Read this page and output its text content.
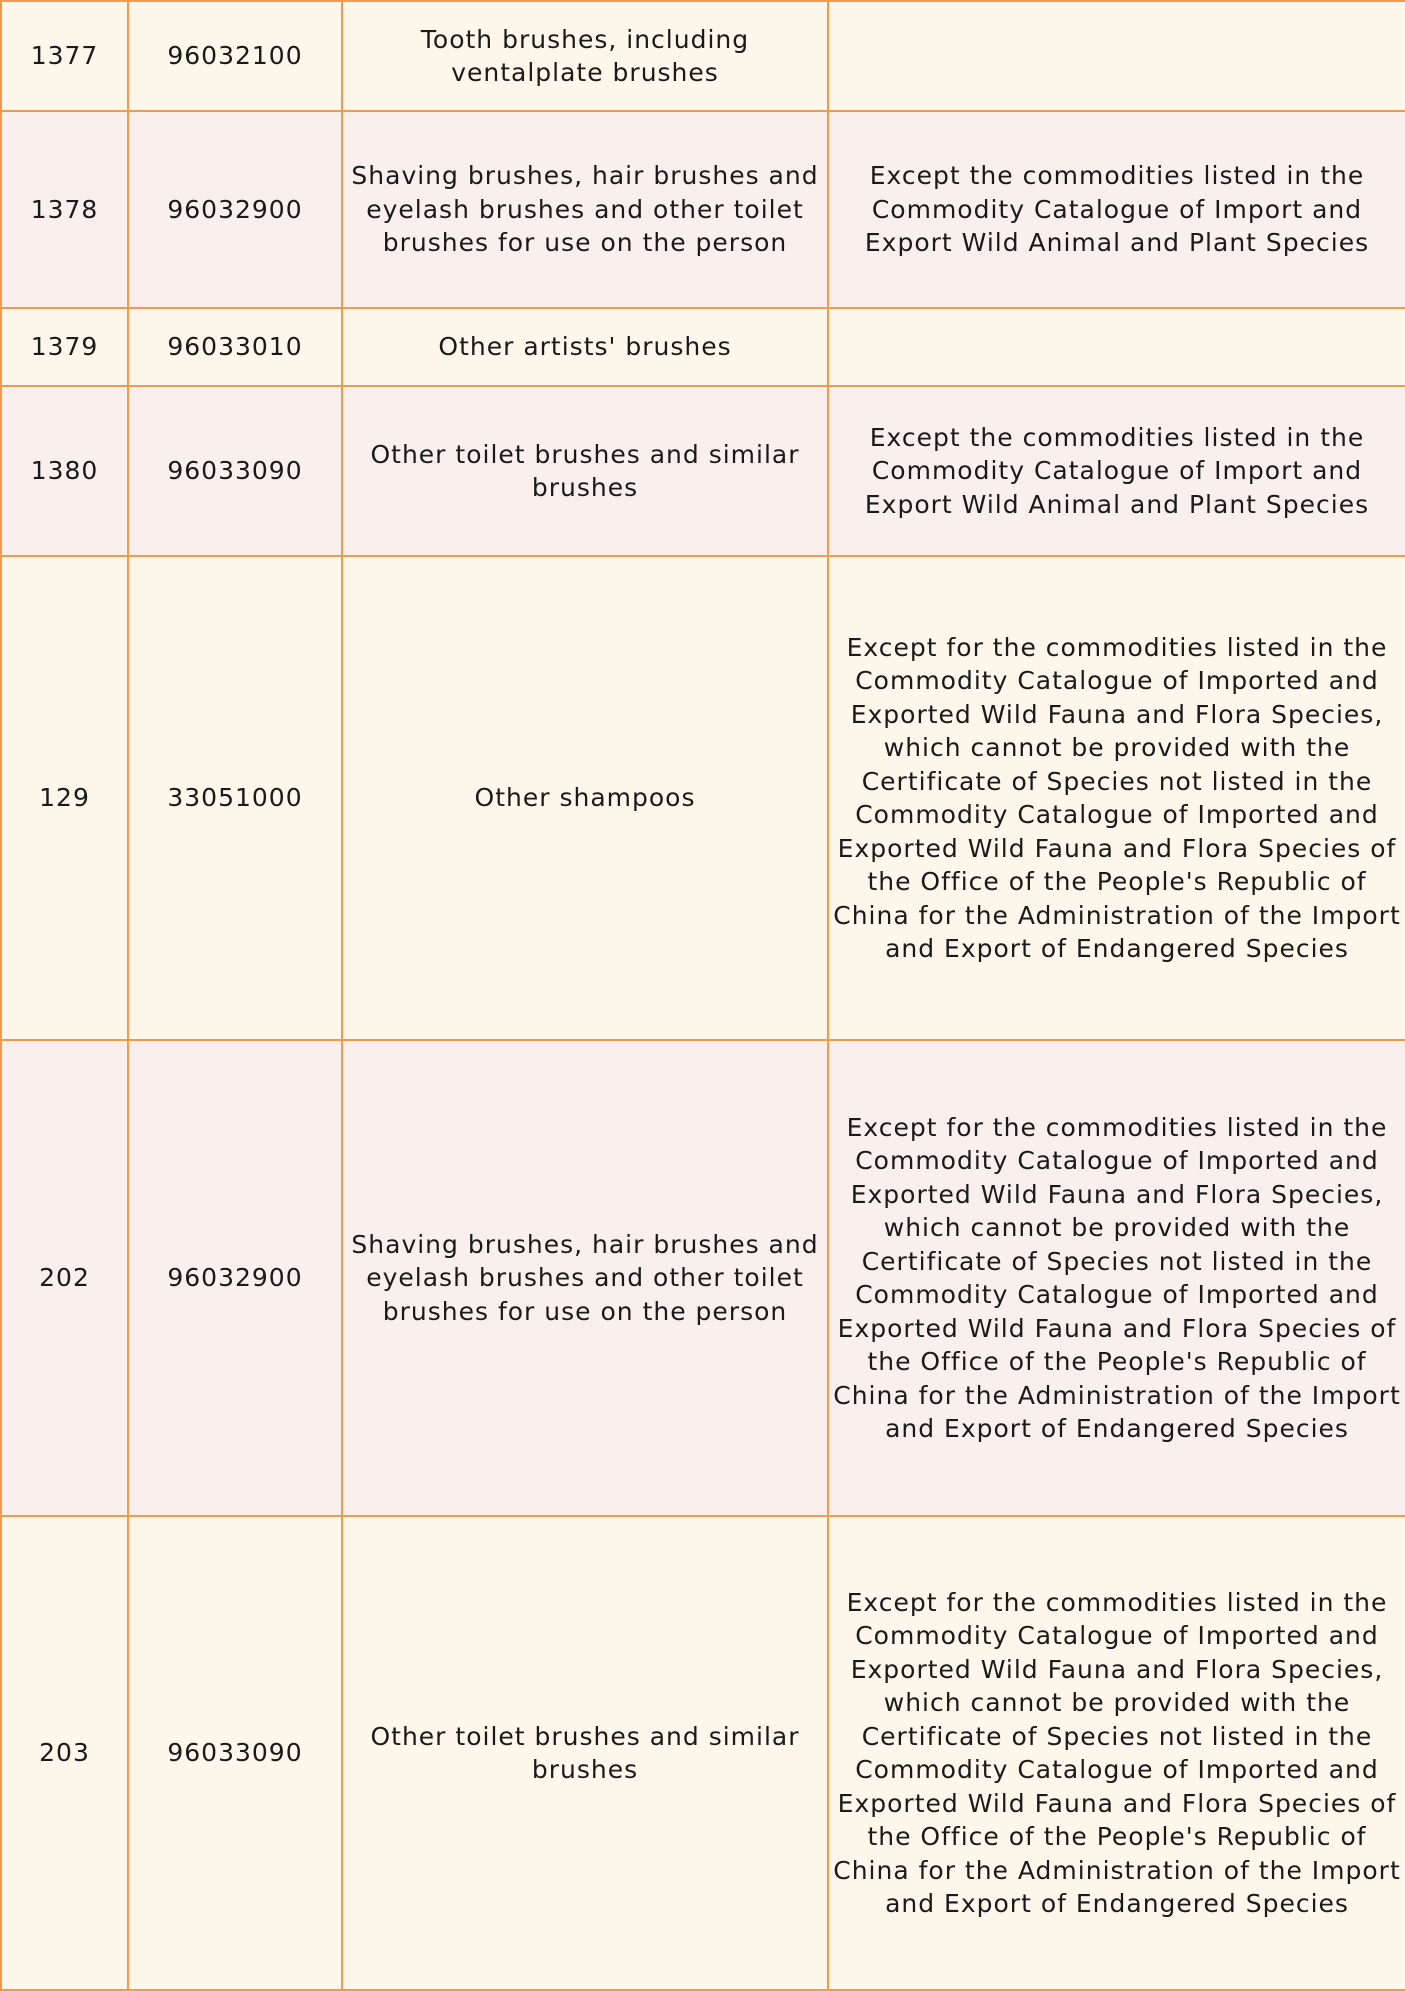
1377	96032100	Tooth brushes, including ventalplate brushes	
1378	96032900	Shaving brushes, hair brushes and eyelash brushes and other toilet brushes for use on the person	Except the commodities listed in the Commodity Catalogue of Import and Export Wild Animal and Plant Species
1379	96033010	Other artists' brushes	
1380	96033090	Other toilet brushes and similar brushes	Except the commodities listed in the Commodity Catalogue of Import and Export Wild Animal and Plant Species
129	33051000	Other shampoos	Except for the commodities listed in the Commodity Catalogue of Imported and Exported Wild Fauna and Flora Species, which cannot be provided with the Certificate of Species not listed in the Commodity Catalogue of Imported and Exported Wild Fauna and Flora Species of the Office of the People's Republic of China for the Administration of the Import and Export of Endangered Species
202	96032900	Shaving brushes, hair brushes and eyelash brushes and other toilet brushes for use on the person	Except for the commodities listed in the Commodity Catalogue of Imported and Exported Wild Fauna and Flora Species, which cannot be provided with the Certificate of Species not listed in the Commodity Catalogue of Imported and Exported Wild Fauna and Flora Species of the Office of the People's Republic of China for the Administration of the Import and Export of Endangered Species
203	96033090	Other toilet brushes and similar brushes	Except for the commodities listed in the Commodity Catalogue of Imported and Exported Wild Fauna and Flora Species, which cannot be provided with the Certificate of Species not listed in the Commodity Catalogue of Imported and Exported Wild Fauna and Flora Species of the Office of the People's Republic of China for the Administration of the Import and Export of Endangered Species
